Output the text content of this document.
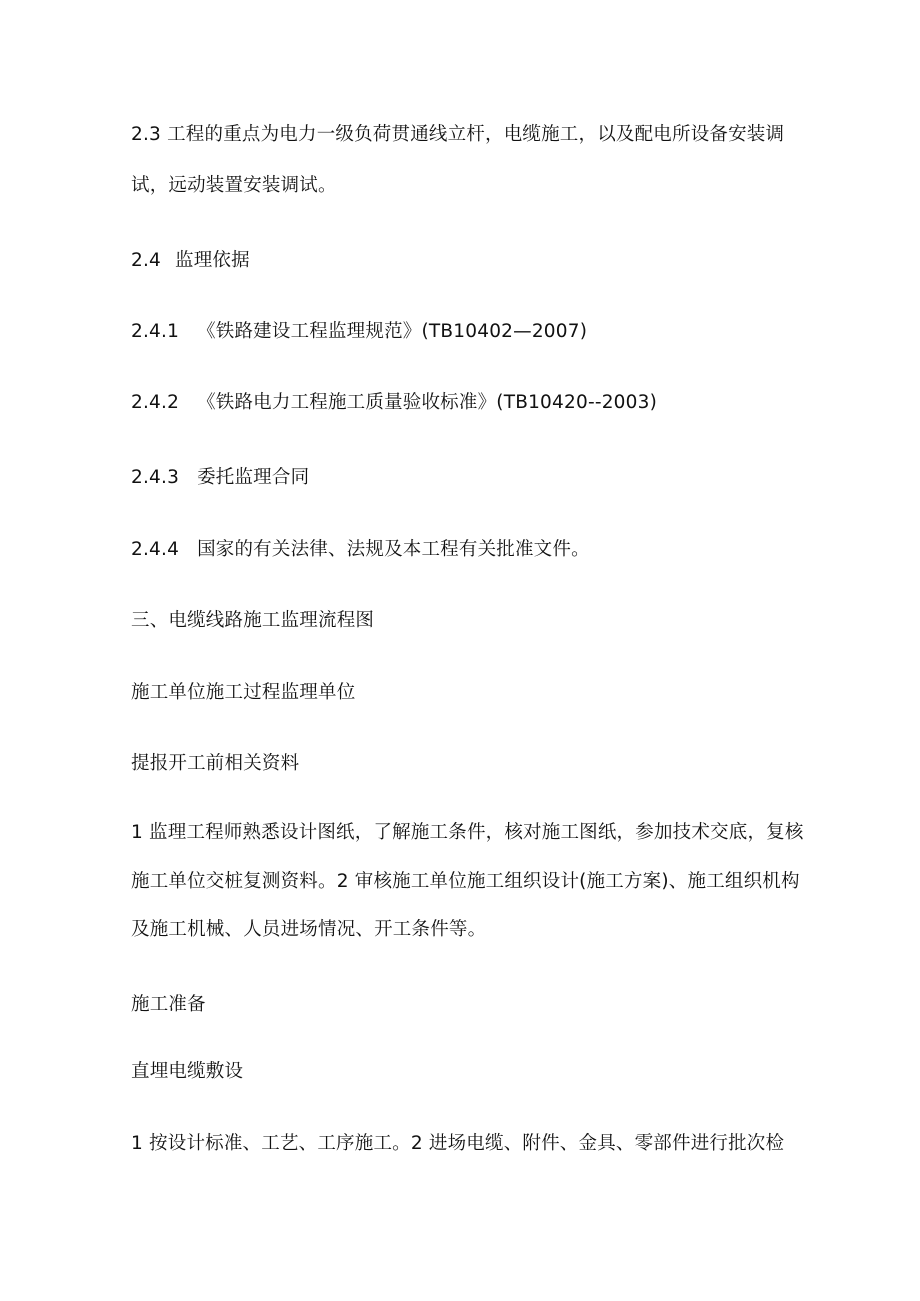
2.3 工程的重点为电力一级负荷贯通线立杆，电缆施工，以及配电所设备安装调
试，远动装置安装调试。
2.4 监理依据
2.4.1 《铁路建设工程监理规范》(TB10402—2007)
2.4.2 《铁路电力工程施工质量验收标准》(TB10420--2003)
2.4.3 委托监理合同
2.4.4 国家的有关法律、法规及本工程有关批准文件。
三、电缆线路施工监理流程图
施工单位施工过程监理单位
提报开工前相关资料
1 监理工程师熟悉设计图纸，了解施工条件，核对施工图纸，参加技术交底，复核
施工单位交桩复测资料。2 审核施工单位施工组织设计(施工方案)、施工组织机构
及施工机械、人员进场情况、开工条件等。
施工准备
直埋电缆敷设
1 按设计标准、工艺、工序施工。2 进场电缆、附件、金具、零部件进行批次检
